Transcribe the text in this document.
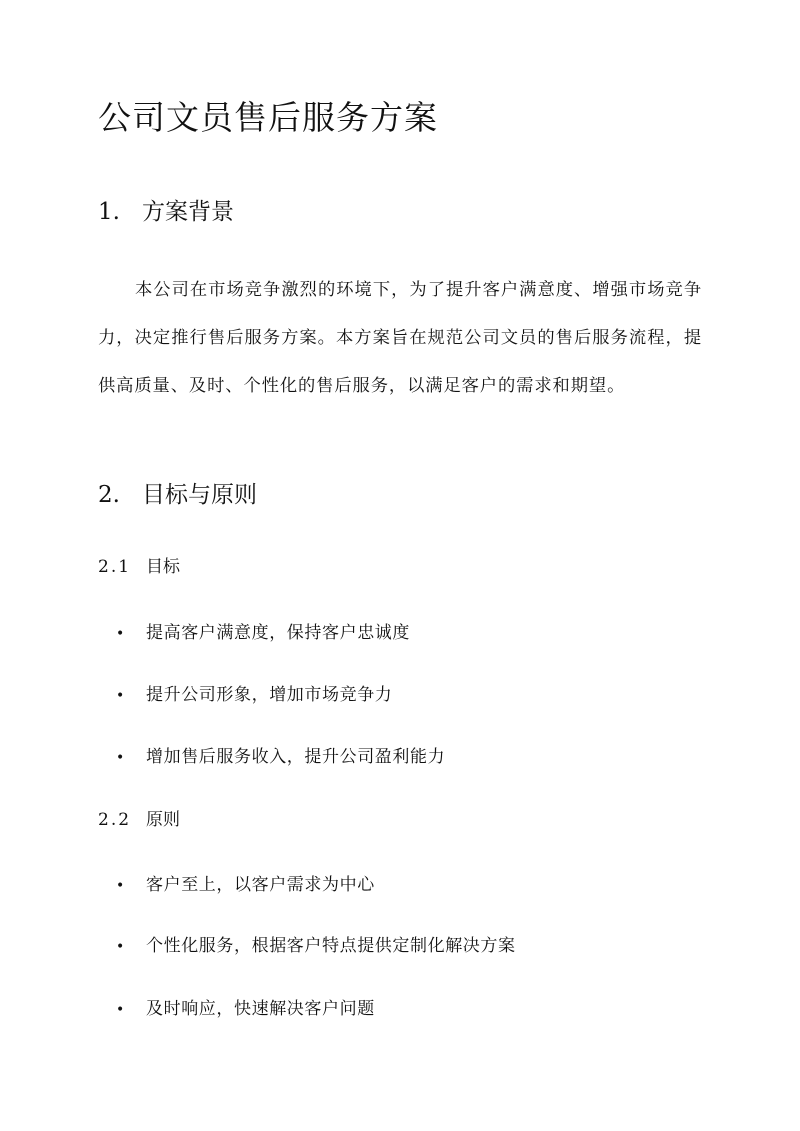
公司文员售后服务方案
1. 方案背景

本公司在市场竞争激烈的环境下，为了提升客户满意度、增强市场竞争力，决定推行售后服务方案。本方案旨在规范公司文员的售后服务流程，提供高质量、及时、个性化的售后服务，以满足客户的需求和期望。

2. 目标与原则
2.1 目标

• 提高客户满意度，保持客户忠诚度

• 提升公司形象，增加市场竞争力

• 增加售后服务收入，提升公司盈利能力

2.2 原则

• 客户至上，以客户需求为中心

• 个性化服务，根据客户特点提供定制化解决方案

• 及时响应，快速解决客户问题
